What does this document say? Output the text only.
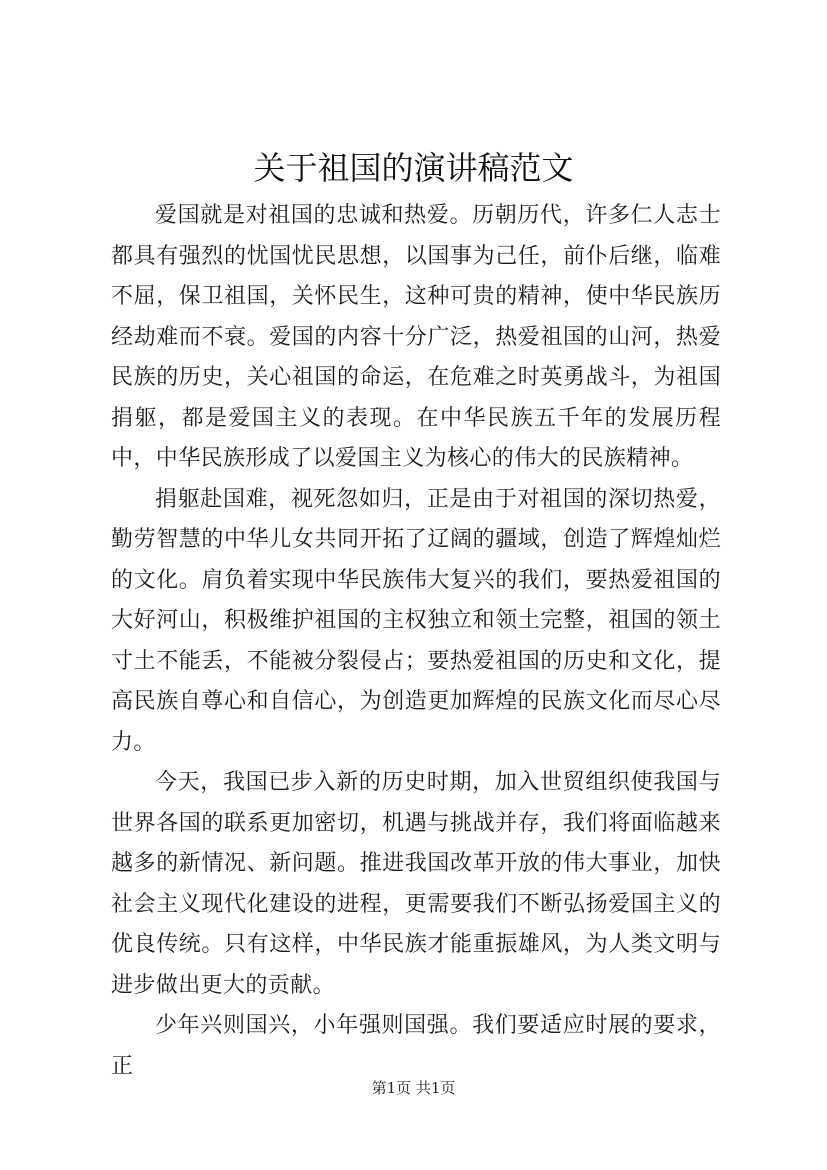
关于祖国的演讲稿范文

爱国就是对祖国的忠诚和热爱。历朝历代，许多仁人志士都具有强烈的忧国忧民思想，以国事为己任，前仆后继，临难不屈，保卫祖国，关怀民生，这种可贵的精神，使中华民族历经劫难而不衰。爱国的内容十分广泛，热爱祖国的山河，热爱民族的历史，关心祖国的命运，在危难之时英勇战斗，为祖国捐躯，都是爱国主义的表现。在中华民族五千年的发展历程中，中华民族形成了以爱国主义为核心的伟大的民族精神。

捐躯赴国难，视死忽如归，正是由于对祖国的深切热爱，勤劳智慧的中华儿女共同开拓了辽阔的疆域，创造了辉煌灿烂的文化。肩负着实现中华民族伟大复兴的我们，要热爱祖国的大好河山，积极维护祖国的主权独立和领土完整，祖国的领土寸土不能丢，不能被分裂侵占；要热爱祖国的历史和文化，提高民族自尊心和自信心，为创造更加辉煌的民族文化而尽心尽力。

今天，我国已步入新的历史时期，加入世贸组织使我国与世界各国的联系更加密切，机遇与挑战并存，我们将面临越来越多的新情况、新问题。推进我国改革开放的伟大事业，加快社会主义现代化建设的进程，更需要我们不断弘扬爱国主义的优良传统。只有这样，中华民族才能重振雄风，为人类文明与进步做出更大的贡献。

少年兴则国兴，小年强则国强。我们要适应时展的要求，正

第1页 共1页
